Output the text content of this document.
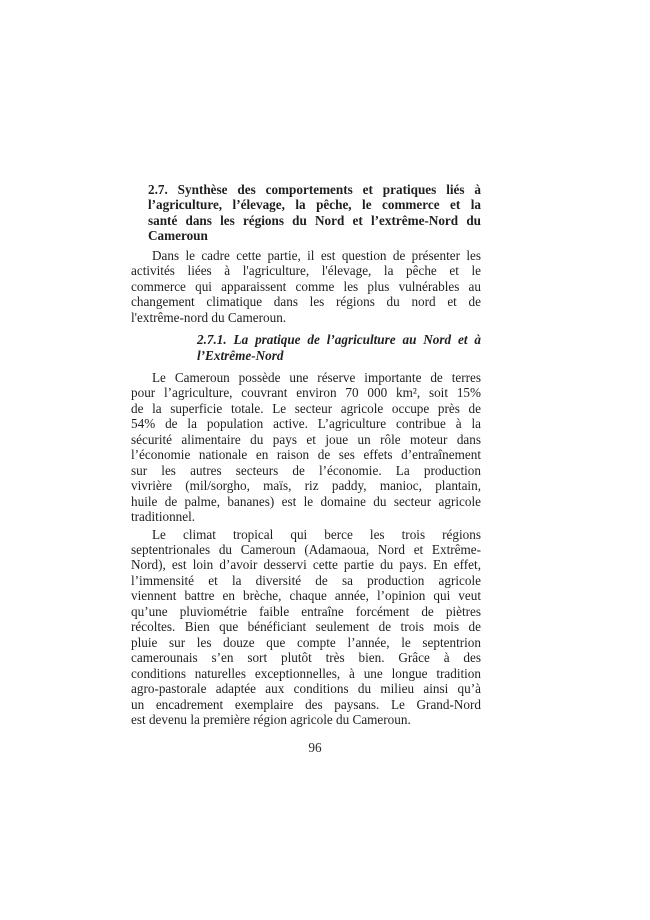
2.7. Synthèse des comportements et pratiques liés à
l’agriculture, l’élevage, la pêche, le commerce et la
santé dans les régions du Nord et l’extrême-Nord du
Cameroun
Dans le cadre cette partie, il est question de présenter les
activités liées à l'agriculture, l'élevage, la pêche et le
commerce qui apparaissent comme les plus vulnérables au
changement climatique dans les régions du nord et de
l'extrême-nord du Cameroun.
2.7.1. La pratique de l’agriculture au Nord et à
l’Extrême-Nord
Le Cameroun possède une réserve importante de terres
pour l’agriculture, couvrant environ 70 000 km², soit 15%
de la superficie totale. Le secteur agricole occupe près de
54% de la population active. L’agriculture contribue à la
sécurité alimentaire du pays et joue un rôle moteur dans
l’économie nationale en raison de ses effets d’entraînement
sur les autres secteurs de l’économie. La production
vivrière (mil/sorgho, maïs, riz paddy, manioc, plantain,
huile de palme, bananes) est le domaine du secteur agricole
traditionnel.
Le climat tropical qui berce les trois régions
septentrionales du Cameroun (Adamaoua, Nord et Extrême-
Nord), est loin d’avoir desservi cette partie du pays. En effet,
l’immensité et la diversité de sa production agricole
viennent battre en brèche, chaque année, l’opinion qui veut
qu’une pluviométrie faible entraîne forcément de piètres
récoltes. Bien que bénéficiant seulement de trois mois de
pluie sur les douze que compte l’année, le septentrion
camerounais s’en sort plutôt très bien. Grâce à des
conditions naturelles exceptionnelles, à une longue tradition
agro-pastorale adaptée aux conditions du milieu ainsi qu’à
un encadrement exemplaire des paysans. Le Grand-Nord
est devenu la première région agricole du Cameroun.
96
